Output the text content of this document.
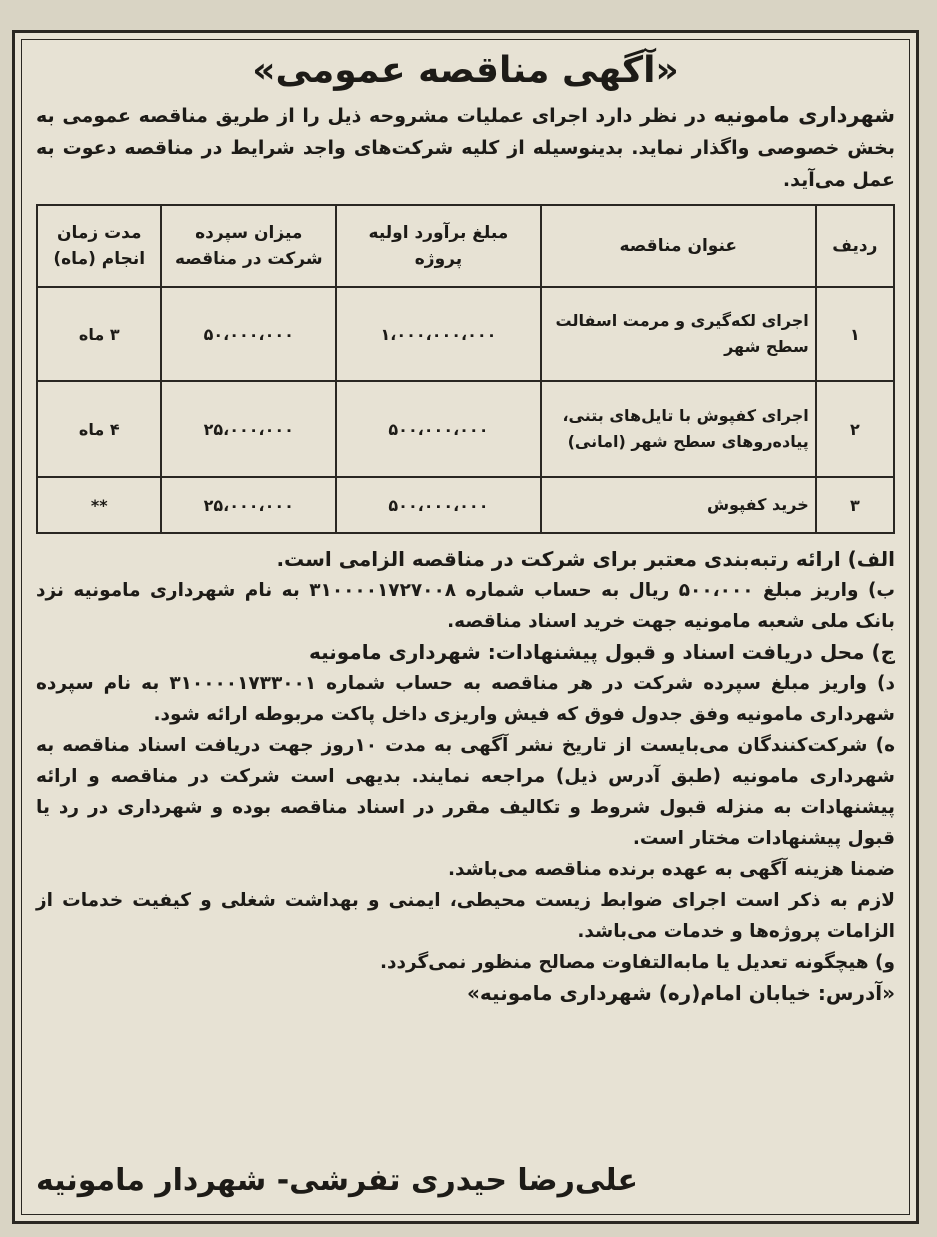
«آگهی مناقصه عمومی»

شهرداری مامونیه در نظر دارد اجرای عملیات مشروحه ذیل را از طریق مناقصه عمومی به بخش خصوصی واگذار نماید. بدینوسیله از کلیه شرکت‌های واجد شرایط در مناقصه دعوت به عمل می‌آید.

ردیف	عنوان مناقصه	مبلغ برآورد اولیه پروژه	میزان سپرده شرکت در مناقصه	مدت زمان انجام (ماه)
۱	اجرای لکه‌گیری و مرمت اسفالت سطح شهر	۱،۰۰۰،۰۰۰،۰۰۰	۵۰،۰۰۰،۰۰۰	۳ ماه
۲	اجرای کفپوش با تایل‌های بتنی، پیاده‌روهای سطح شهر (امانی)	۵۰۰،۰۰۰،۰۰۰	۲۵،۰۰۰،۰۰۰	۴ ماه
۳	خرید کفپوش	۵۰۰،۰۰۰،۰۰۰	۲۵،۰۰۰،۰۰۰	**

الف) ارائه رتبه‌بندی معتبر برای شرکت در مناقصه الزامی است.

ب) واریز مبلغ ۵۰۰،۰۰۰ ریال به حساب شماره ۳۱۰۰۰۰۱۷۲۷۰۰۸ به نام شهرداری مامونیه نزد بانک ملی شعبه مامونیه جهت خرید اسناد مناقصه.

ج) محل دریافت اسناد و قبول پیشنهادات: شهرداری مامونیه

د) واریز مبلغ سپرده شرکت در هر مناقصه به حساب شماره ۳۱۰۰۰۰۱۷۳۳۰۰۱ به نام سپرده شهرداری مامونیه وفق جدول فوق که فیش واریزی داخل پاکت مربوطه ارائه شود.

ه) شرکت‌کنندگان می‌بایست از تاریخ نشر آگهی به مدت ۱۰روز جهت دریافت اسناد مناقصه به شهرداری مامونیه (طبق آدرس ذیل) مراجعه نمایند. بدیهی است شرکت در مناقصه و ارائه پیشنهادات به منزله قبول شروط و تکالیف مقرر در اسناد مناقصه بوده و شهرداری در رد یا قبول پیشنهادات مختار است.

ضمنا هزینه آگهی به عهده برنده مناقصه می‌باشد.

لازم به ذکر است اجرای ضوابط زیست محیطی، ایمنی و بهداشت شغلی و کیفیت خدمات از الزامات پروژه‌ها و خدمات می‌باشد.

و) هیچگونه تعدیل یا مابه‌التفاوت مصالح منظور نمی‌گردد.

«آدرس: خیابان امام(ره) شهرداری مامونیه»

علی‌رضا حیدری تفرشی- شهردار مامونیه
